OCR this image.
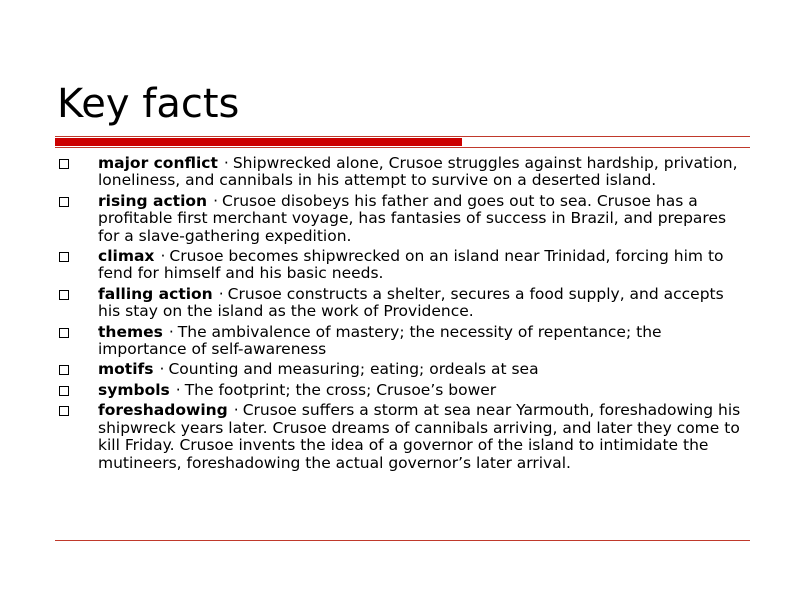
Key facts
major conflict · Shipwrecked alone, Crusoe struggles against hardship, privation, loneliness, and cannibals in his attempt to survive on a deserted island.
rising action · Crusoe disobeys his father and goes out to sea. Crusoe has a profitable first merchant voyage, has fantasies of success in Brazil, and prepares for a slave-gathering expedition.
climax · Crusoe becomes shipwrecked on an island near Trinidad, forcing him to fend for himself and his basic needs.
falling action · Crusoe constructs a shelter, secures a food supply, and accepts his stay on the island as the work of Providence.
themes · The ambivalence of mastery; the necessity of repentance; the importance of self-awareness
motifs · Counting and measuring; eating; ordeals at sea
symbols · The footprint; the cross; Crusoe’s bower
foreshadowing · Crusoe suffers a storm at sea near Yarmouth, foreshadowing his shipwreck years later. Crusoe dreams of cannibals arriving, and later they come to kill Friday. Crusoe invents the idea of a governor of the island to intimidate the mutineers, foreshadowing the actual governor’s later arrival.
